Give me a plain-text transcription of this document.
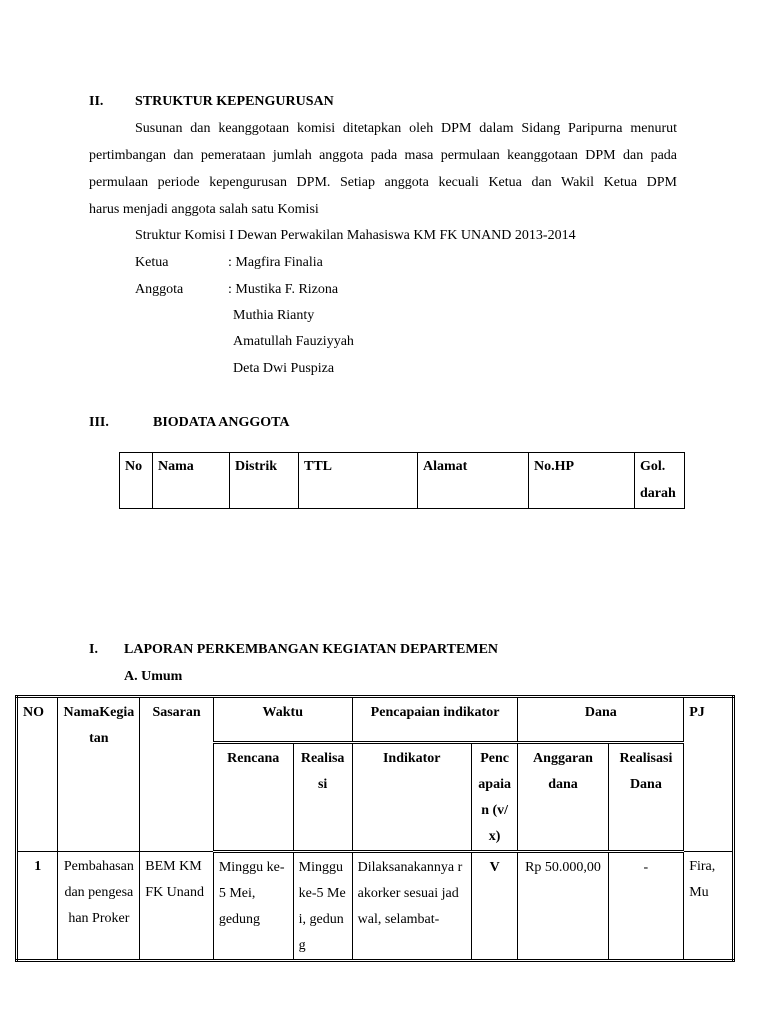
II. STRUKTUR KEPENGURUSAN

Susunan dan keanggotaan komisi ditetapkan oleh DPM dalam Sidang Paripurna menurut

pertimbangan dan pemerataan jumlah anggota pada masa permulaan keanggotaan DPM dan pada

permulaan periode kepengurusan DPM. Setiap anggota kecuali Ketua dan Wakil Ketua DPM

harus menjadi anggota salah satu Komisi

Struktur Komisi I Dewan Perwakilan Mahasiswa KM FK UNAND 2013-2014
Ketua	: Magfira Finalia
Anggota	: Mustika F. Rizona
Muthia Rianty
Amatullah Fauziyyah
Deta Dwi Puspiza
III.	BIODATA ANGGOTA
No	Nama	Distrik	TTL	Alamat	No.HP	Gol. darah
I. LAPORAN PERKEMBANGAN KEGIATAN DEPARTEMEN
A. Umum
NO	NamaKegiatan	Sasaran	Waktu		Pencapaian indikator		Dana		PJ
			Rencana	Realisasi	Indikator	Pencapaian (v/x)	Anggaran dana	Realisasi Dana	
1	Pembahasan dan pengesahan Proker	BEM KM FK Unand	Minggu ke-5 Mei, gedung	Minggu ke-5 Mei, gedung	Dilaksanakannya rakorker sesuai jadwal, selambat-	V	Rp 50.000,00	-	Fira, Mu
